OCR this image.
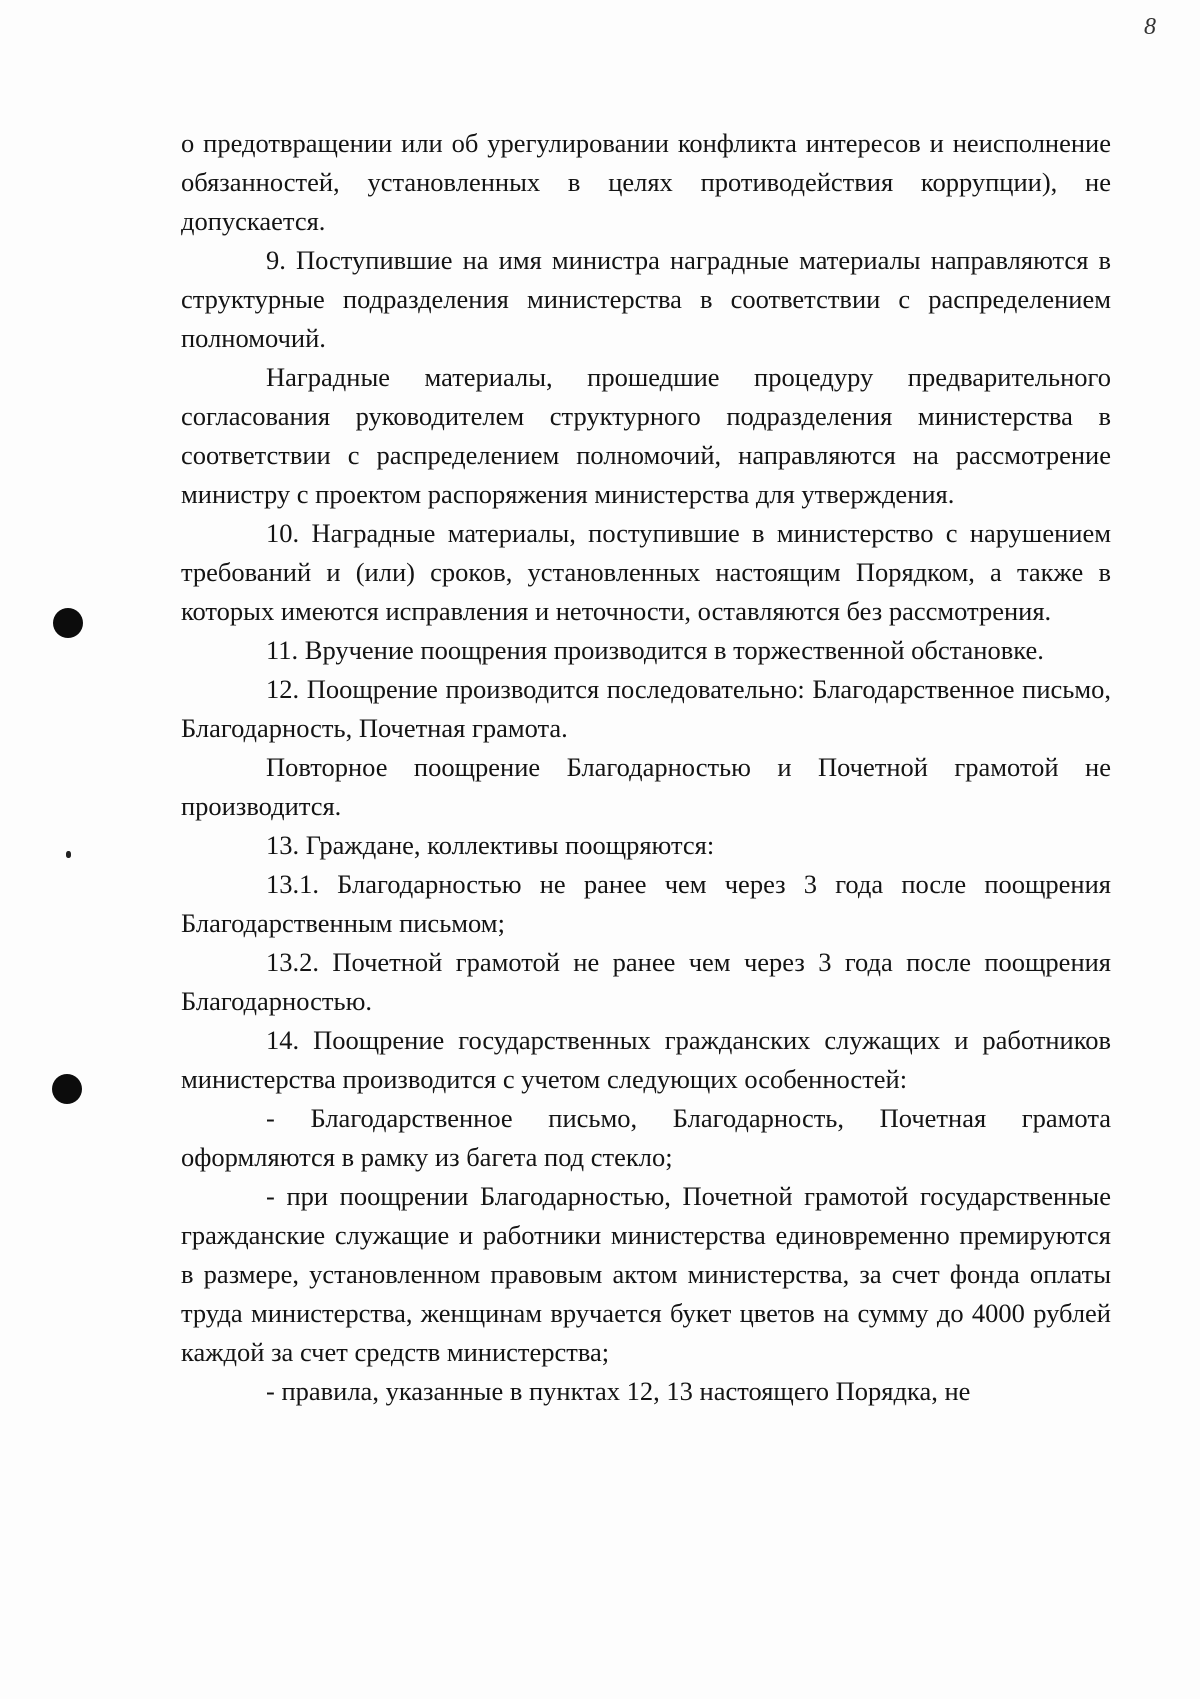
8

о предотвращении или об урегулировании конфликта интересов и неисполнение обязанностей, установленных в целях противодействия коррупции), не допускается.

9. Поступившие на имя министра наградные материалы направляются в структурные подразделения министерства в соответствии с распределением полномочий.

Наградные материалы, прошедшие процедуру предварительного согласования руководителем структурного подразделения министерства в соответствии с распределением полномочий, направляются на рассмотрение министру с проектом распоряжения министерства для утверждения.

10. Наградные материалы, поступившие в министерство с нарушением требований и (или) сроков, установленных настоящим Порядком, а также в которых имеются исправления и неточности, оставляются без рассмотрения.

11. Вручение поощрения производится в торжественной обстановке.

12. Поощрение производится последовательно: Благодарственное письмо, Благодарность, Почетная грамота.

Повторное поощрение Благодарностью и Почетной грамотой не производится.

13. Граждане, коллективы поощряются:

13.1. Благодарностью не ранее чем через 3 года после поощрения Благодарственным письмом;

13.2. Почетной грамотой не ранее чем через 3 года после поощрения Благодарностью.

14. Поощрение государственных гражданских служащих и работников министерства производится с учетом следующих особенностей:

- Благодарственное письмо, Благодарность, Почетная грамота оформляются в рамку из багета под стекло;

- при поощрении Благодарностью, Почетной грамотой государственные гражданские служащие и работники министерства единовременно премируются в размере, установленном правовым актом министерства, за счет фонда оплаты труда министерства, женщинам вручается букет цветов на сумму до 4000 рублей каждой за счет средств министерства;

- правила, указанные в пунктах 12, 13 настоящего Порядка, не
